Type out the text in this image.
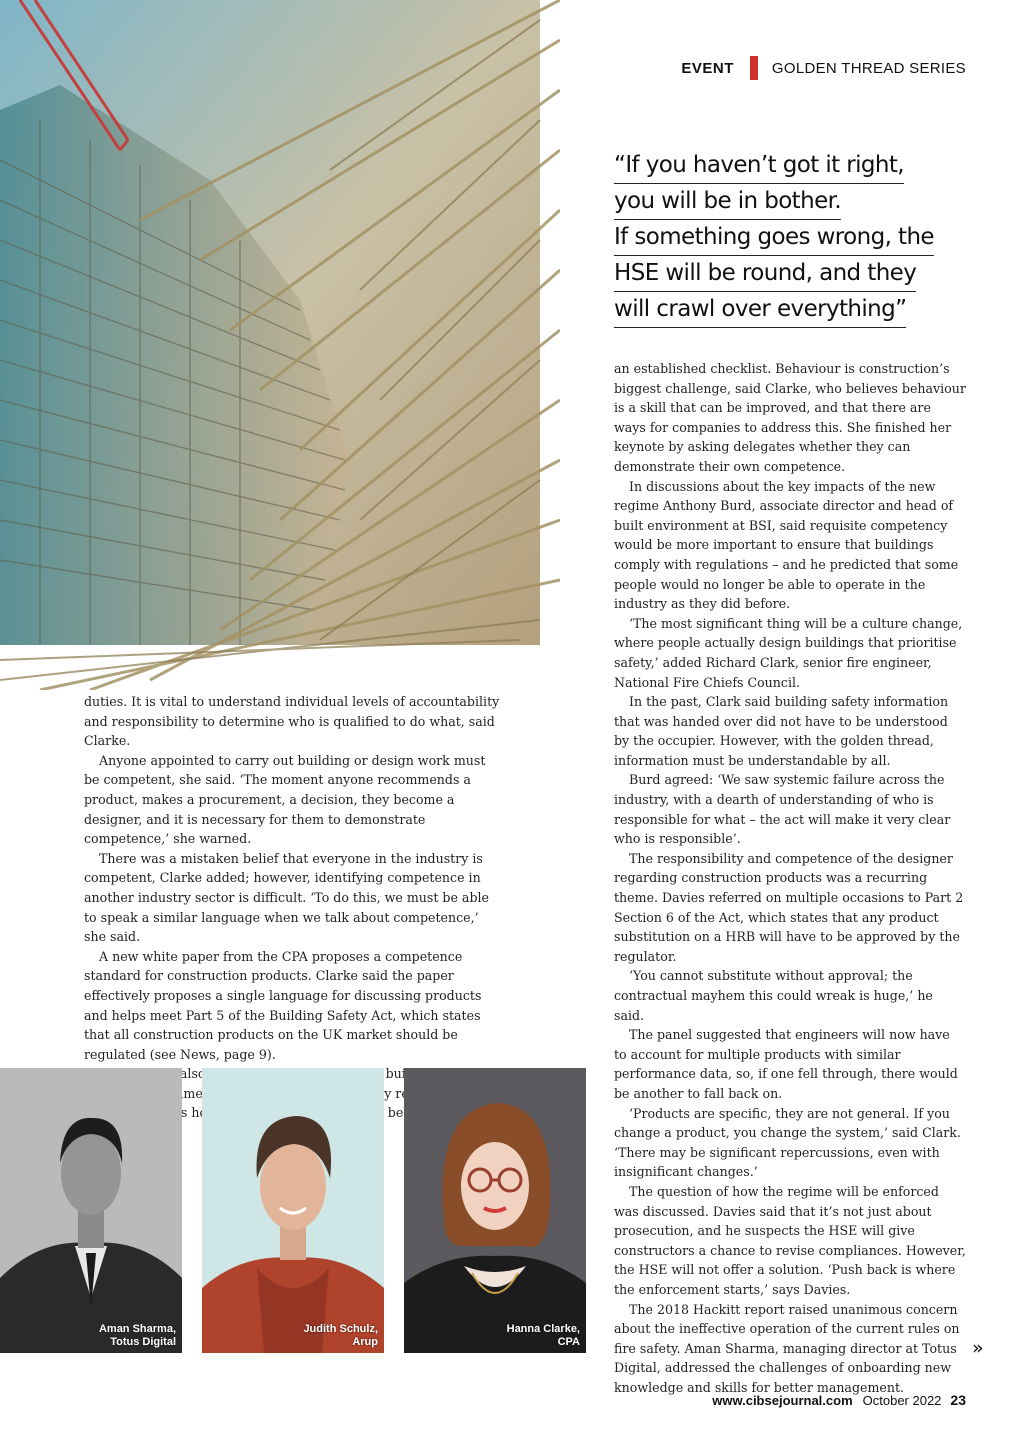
EVENT	GOLDEN THREAD SERIES
“If you haven’t got it right,
you will be in bother.
If something goes wrong, the
HSE will be round, and they
will crawl over everything”

duties. It is vital to understand individual levels of accountability and responsibility to determine who is qualified to do what, said Clarke.

Anyone appointed to carry out building or design work must be competent, she said. ‘The moment anyone recommends a product, makes a procurement, a decision, they become a designer, and it is necessary for them to demonstrate competence,’ she warned.

There was a mistaken belief that everyone in the industry is competent, Clarke added; however, identifying competence in another industry sector is difficult. ‘To do this, we must be able to speak a similar language when we talk about competence,’ she said.

A new white paper from the CPA proposes a competence standard for construction products. Clarke said the paper effectively proposes a single language for discussing products and helps meet Part 5 of the Building Safety Act, which states that all construction products on the UK market should be regulated (see News, page 9).

also

an established checklist. Behaviour is construction’s biggest challenge, said Clarke, who believes behaviour is a skill that can be improved, and that there are ways for companies to address this. She finished her keynote by asking delegates whether they can demonstrate their own competence.

In discussions about the key impacts of the new regime Anthony Burd, associate director and head of built environment at BSI, said requisite competency would be more important to ensure that buildings comply with regulations – and he predicted that some people would no longer be able to operate in the industry as they did before.

‘The most significant thing will be a culture change, where people actually design buildings that prioritise safety,’ added Richard Clark, senior fire engineer, National Fire Chiefs Council.

In the past, Clark said building safety information that was handed over did not have to be understood by the occupier. However, with the golden thread, information must be understandable by all.

Burd agreed: ‘We saw systemic failure across the industry, with a dearth of understanding of who is responsible for what – the act will make it very clear who is responsible’.

The responsibility and competence of the designer regarding construction products was a recurring theme. Davies referred on multiple occasions to Part 2 Section 6 of the Act, which states that any product substitution on a HRB will have to be approved by the regulator.

‘You cannot substitute without approval; the contractual mayhem this could wreak is huge,’ he said.

The panel suggested that engineers will now have to account for multiple products with similar performance data, so, if one fell through, there would be another to fall back on.

‘Products are specific, they are not general. If you change a product, you change the system,’ said Clark. ‘There may be significant repercussions, even with insignificant changes.’

The question of how the regime will be enforced was discussed. Davies said that it’s not just about prosecution, and he suspects the HSE will give constructors a chance to revise compliances. However, the HSE will not offer a solution. ‘Push back is where the enforcement starts,’ says Davies.

The 2018 Hackitt report raised unanimous concern about the ineffective operation of the current rules on fire safety. Aman Sharma, managing director at Totus Digital, addressed the challenges of onboarding new knowledge and skills for better management.

Aman Sharma,
Totus Digital
Judith Schulz,
Arup
Hanna Clarke,
CPA	»
www.cibsejournal.com October 2022 23
